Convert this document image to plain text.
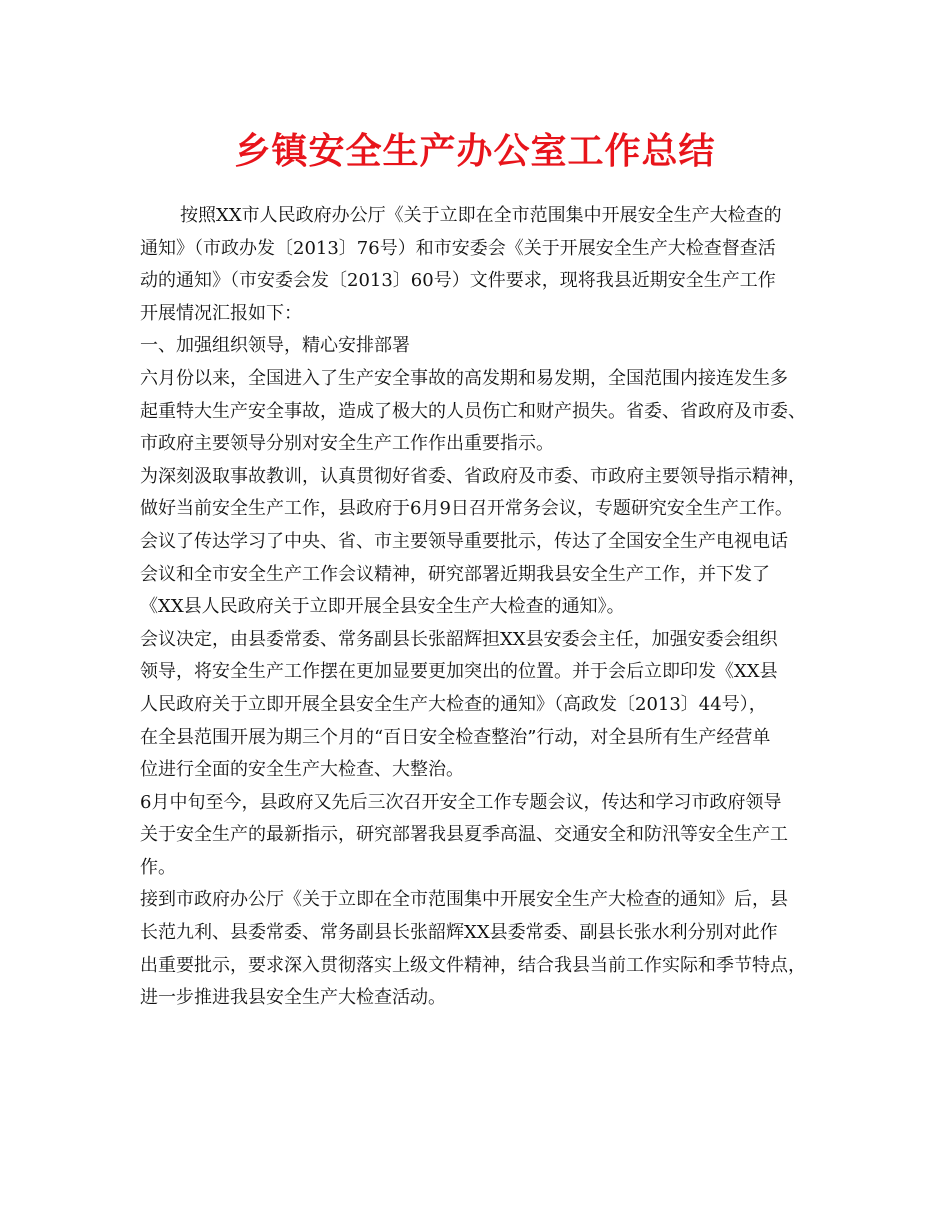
乡镇安全生产办公室工作总结
按照XX市人民政府办公厅《关于立即在全市范围集中开展安全生产大检查的
通知》（市政办发〔2013〕76号）和市安委会《关于开展安全生产大检查督查活
动的通知》（市安委会发〔2013〕60号）文件要求，现将我县近期安全生产工作
开展情况汇报如下：
一、加强组织领导，精心安排部署
六月份以来，全国进入了生产安全事故的高发期和易发期，全国范围内接连发生多
起重特大生产安全事故，造成了极大的人员伤亡和财产损失。省委、省政府及市委、
市政府主要领导分别对安全生产工作作出重要指示。
为深刻汲取事故教训，认真贯彻好省委、省政府及市委、市政府主要领导指示精神，
做好当前安全生产工作，县政府于6月9日召开常务会议，专题研究安全生产工作。
会议了传达学习了中央、省、市主要领导重要批示，传达了全国安全生产电视电话
会议和全市安全生产工作会议精神，研究部署近期我县安全生产工作，并下发了
《XX县人民政府关于立即开展全县安全生产大检查的通知》。
会议决定，由县委常委、常务副县长张韶辉担XX县安委会主任，加强安委会组织
领导，将安全生产工作摆在更加显要更加突出的位置。并于会后立即印发《XX县
人民政府关于立即开展全县安全生产大检查的通知》（高政发〔2013〕44号），
在全县范围开展为期三个月的“百日安全检查整治”行动，对全县所有生产经营单
位进行全面的安全生产大检查、大整治。
6月中旬至今，县政府又先后三次召开安全工作专题会议，传达和学习市政府领导
关于安全生产的最新指示，研究部署我县夏季高温、交通安全和防汛等安全生产工
作。
接到市政府办公厅《关于立即在全市范围集中开展安全生产大检查的通知》后，县
长范九利、县委常委、常务副县长张韶辉XX县委常委、副县长张水利分别对此作
出重要批示，要求深入贯彻落实上级文件精神，结合我县当前工作实际和季节特点，
进一步推进我县安全生产大检查活动。
